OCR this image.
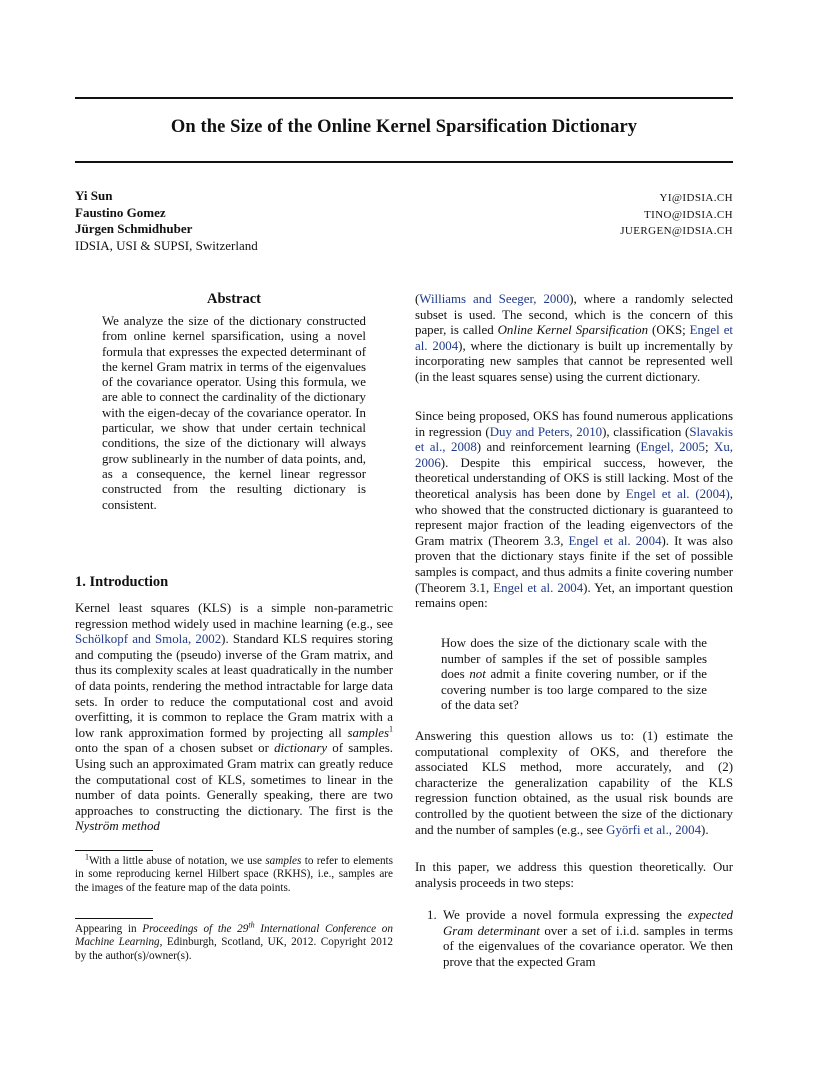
On the Size of the Online Kernel Sparsification Dictionary
Yi Sun
Faustino Gomez
Jürgen Schmidhuber
IDSIA, USI & SUPSI, Switzerland
YI@IDSIA.CH
TINO@IDSIA.CH
JUERGEN@IDSIA.CH
Abstract
We analyze the size of the dictionary constructed from online kernel sparsification, using a novel formula that expresses the expected determinant of the kernel Gram matrix in terms of the eigenvalues of the covariance operator. Using this formula, we are able to connect the cardinality of the dictionary with the eigen-decay of the covariance operator. In particular, we show that under certain technical conditions, the size of the dictionary will always grow sublinearly in the number of data points, and, as a consequence, the kernel linear regressor constructed from the resulting dictionary is consistent.
1. Introduction

Kernel least squares (KLS) is a simple non-parametric regression method widely used in machine learning (e.g., see Schölkopf and Smola, 2002). Standard KLS requires storing and computing the (pseudo) inverse of the Gram matrix, and thus its complexity scales at least quadratically in the number of data points, rendering the method intractable for large data sets. In order to reduce the computational cost and avoid overfitting, it is common to replace the Gram matrix with a low rank approximation formed by projecting all samples$^1$ onto the span of a chosen subset or dictionary of samples. Using such an approximated Gram matrix can greatly reduce the computational cost of KLS, sometimes to linear in the number of data points. Generally speaking, there are two approaches to constructing the dictionary. The first is the Nyström method

$^1$With a little abuse of notation, we use samples to refer to elements in some reproducing kernel Hilbert space (RKHS), i.e., samples are the images of the feature map of the data points.

Appearing in Proceedings of the 29th International Conference on Machine Learning, Edinburgh, Scotland, UK, 2012. Copyright 2012 by the author(s)/owner(s).

(Williams and Seeger, 2000), where a randomly selected subset is used. The second, which is the concern of this paper, is called Online Kernel Sparsification (OKS; Engel et al. 2004), where the dictionary is built up incrementally by incorporating new samples that cannot be represented well (in the least squares sense) using the current dictionary.

Since being proposed, OKS has found numerous applications in regression (Duy and Peters, 2010), classification (Slavakis et al., 2008) and reinforcement learning (Engel, 2005; Xu, 2006). Despite this empirical success, however, the theoretical understanding of OKS is still lacking. Most of the theoretical analysis has been done by Engel et al. (2004), who showed that the constructed dictionary is guaranteed to represent major fraction of the leading eigenvectors of the Gram matrix (Theorem 3.3, Engel et al. 2004). It was also proven that the dictionary stays finite if the set of possible samples is compact, and thus admits a finite covering number (Theorem 3.1, Engel et al. 2004). Yet, an important question remains open:

How does the size of the dictionary scale with the number of samples if the set of possible samples does not admit a finite covering number, or if the covering number is too large compared to the size of the data set?

Answering this question allows us to: (1) estimate the computational complexity of OKS, and therefore the associated KLS method, more accurately, and (2) characterize the generalization capability of the KLS regression function obtained, as the usual risk bounds are controlled by the quotient between the size of the dictionary and the number of samples (e.g., see Györfi et al., 2004).

In this paper, we address this question theoretically. Our analysis proceeds in two steps:
1. We provide a novel formula expressing the expected Gram determinant over a set of i.i.d. samples in terms of the eigenvalues of the covariance operator. We then prove that the expected Gram
